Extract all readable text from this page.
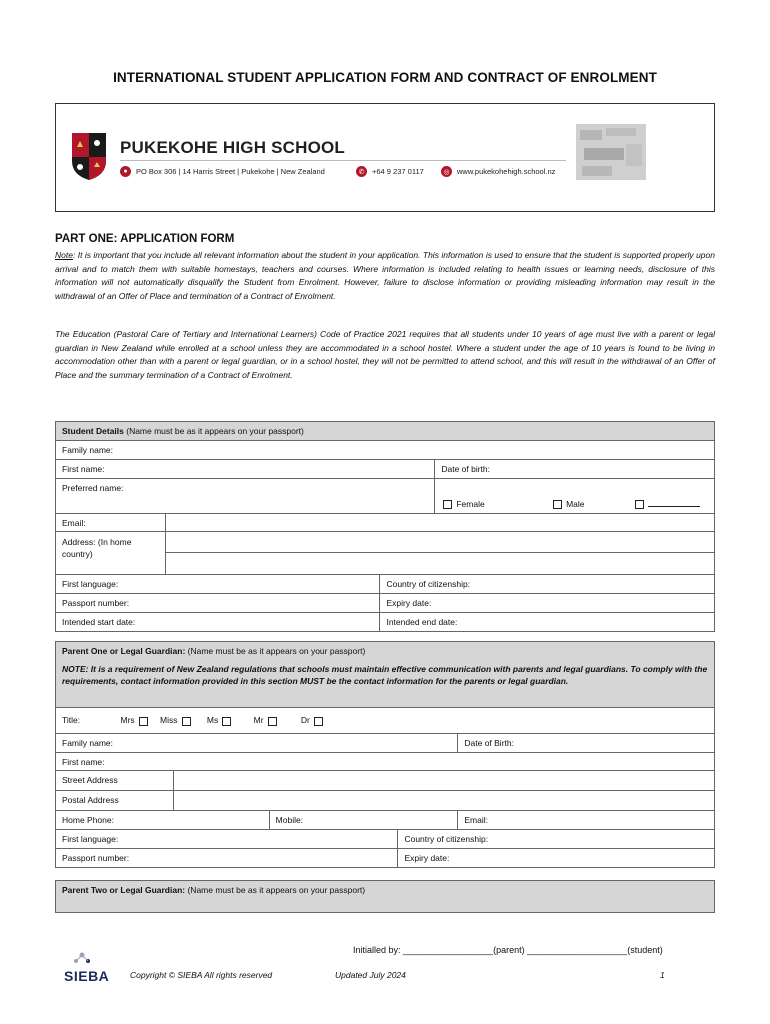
INTERNATIONAL STUDENT APPLICATION FORM AND CONTRACT OF ENROLMENT
PUKEKOHE HIGH SCHOOL
●	PO Box 306 | 14 Harris Street | Pukekohe | New Zealand	✆	+64 9 237 0117	◎ www.pukekohehigh.school.nz
PART ONE: APPLICATION FORM
Note: It is important that you include all relevant information about the student in your application. This information is used to ensure that the student is supported properly upon arrival and to match them with suitable homestays, teachers and courses. Where information is included relating to health issues or learning needs, disclosure of this information will not automatically disqualify the Student from Enrolment. However, failure to disclose information or providing misleading information may result in the withdrawal of an Offer of Place and termination of a Contract of Enrolment.
The Education (Pastoral Care of Tertiary and International Learners) Code of Practice 2021 requires that all students under 10 years of age must live with a parent or legal guardian in New Zealand while enrolled at a school unless they are accommodated in a school hostel. Where a student under the age of 10 years is found to be living in accommodation other than with a parent or legal guardian, or in a school hostel, they will not be permitted to attend school, and this will result in the withdrawal of an Offer of Place and the summary termination of a Contract of Enrolment.
Student Details (Name must be as it appears on your passport)			
Family name:			
First name:			Date of birth:
Preferred name:			Female Male
Email:			
Address: (In home country)			

First language:		Country of citizenship:	
Passport number:		Expiry date:	
Intended start date:		Intended end date:	
Parent One or Legal Guardian: (Name must be as it appears on your passport)
NOTE: It is a requirement of New Zealand regulations that schools must maintain effective communication with parents and legal guardians. To comply with the requirements, contact information provided in this section MUST be the contact information for the parents or legal guardian.				

Title: Mrs Miss Ms Mr Dr				
Family name:				Date of Birth:
First name:				
Street Address				
Postal Address				
Home Phone:		Mobile:		Email:
First language:			Country of citizenship:	
Passport number:			Expiry date:	
Parent Two or Legal Guardian: (Name must be as it appears on your passport)
Initialled by: __________________(parent) ____________________(student)
SIEBA Copyright © SIEBA All rights reserved	Updated July 2024	1
